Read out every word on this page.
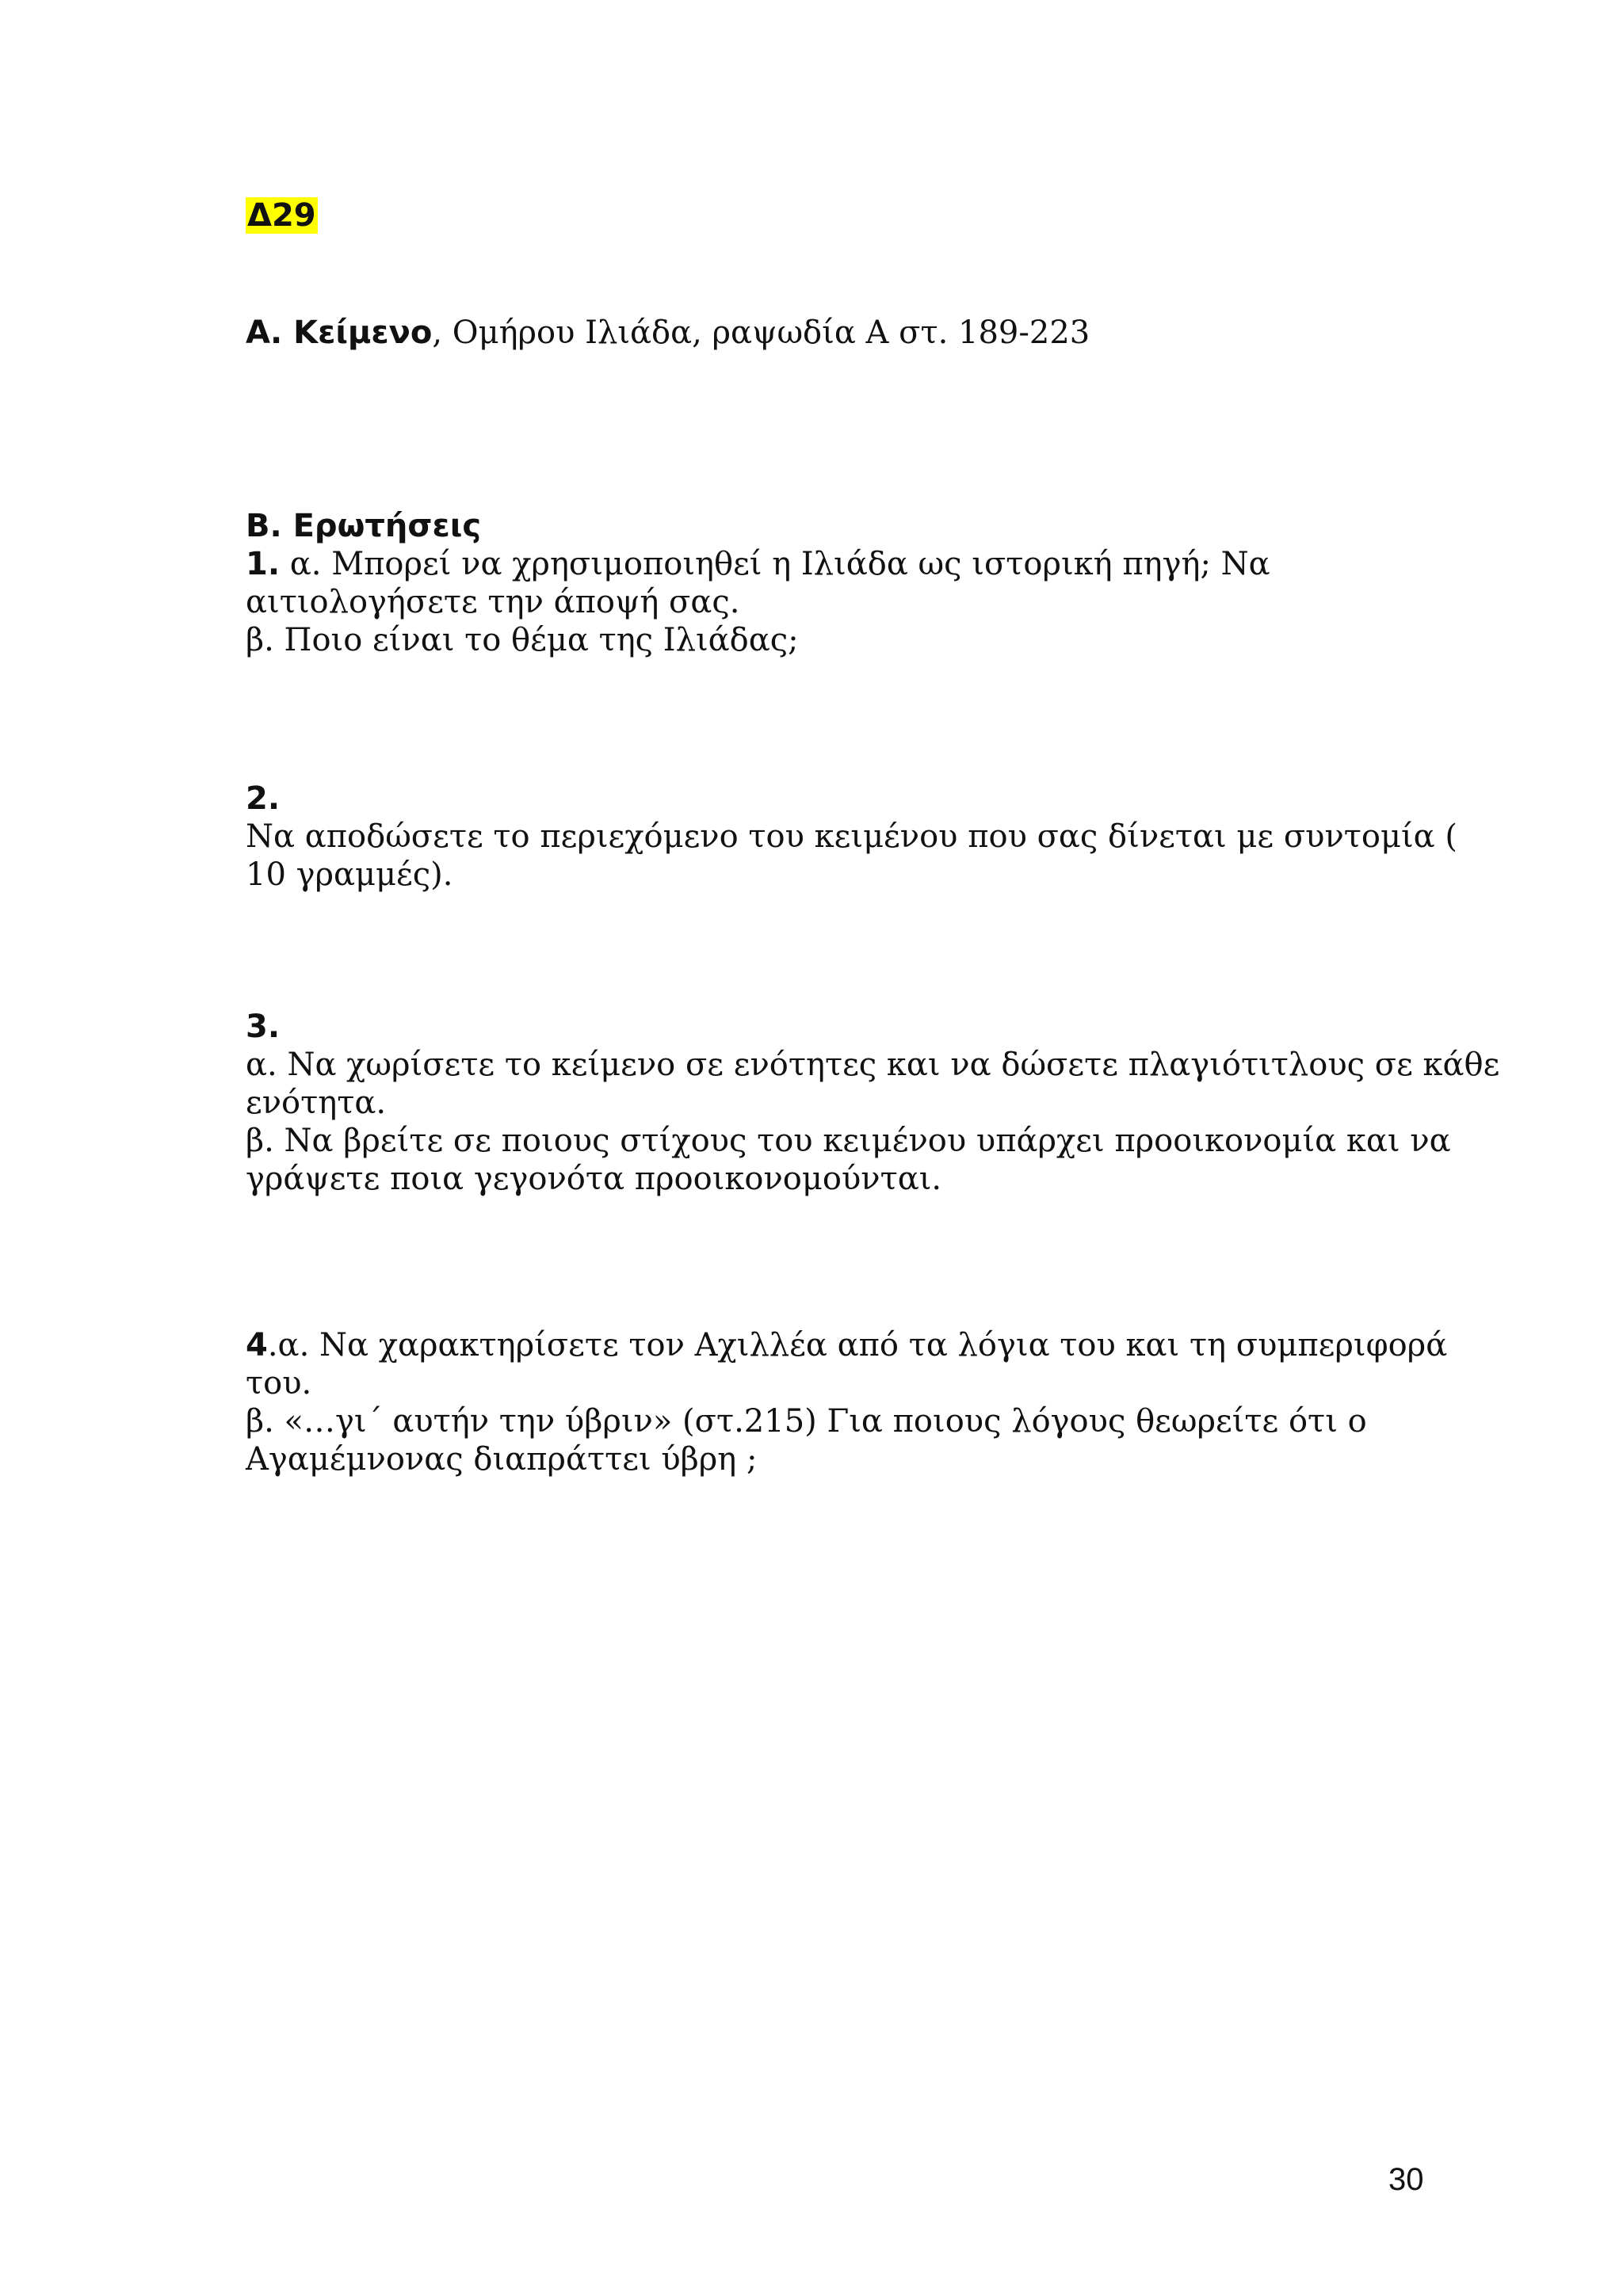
Δ29
Α. Κείμενο, Ομήρου Ιλιάδα, ραψωδία Α στ. 189-223
Β. Ερωτήσεις
1. α. Μπορεί να χρησιμοποιηθεί η Ιλιάδα ως ιστορική πηγή; Να
αιτιολογήσετε την άποψή σας.
β. Ποιο είναι το θέμα της Ιλιάδας;
2.
Να αποδώσετε το περιεχόμενο του κειμένου που σας δίνεται με συντομία (
10 γραμμές).
3.
α. Να χωρίσετε το κείμενο σε ενότητες και να δώσετε πλαγιότιτλους σε κάθε
ενότητα.
β. Να βρείτε σε ποιους στίχους του κειμένου υπάρχει προοικονομία και να
γράψετε ποια γεγονότα προοικονομούνται.
4.α. Να χαρακτηρίσετε τον Αχιλλέα από τα λόγια του και τη συμπεριφορά
του.
β. «…γι΄ αυτήν την ύβριν» (στ.215) Για ποιους λόγους θεωρείτε ότι ο
Αγαμέμνονας διαπράττει ύβρη ;
30
